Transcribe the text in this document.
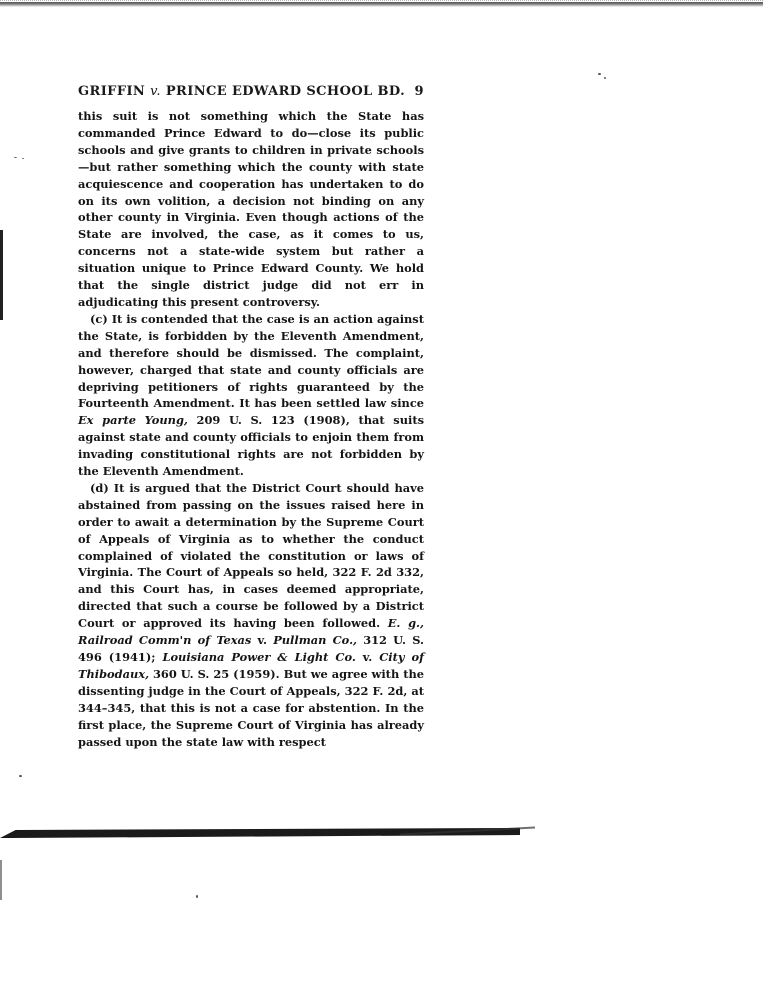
GRIFFIN v. PRINCE EDWARD SCHOOL BD. 9

this suit is not something which the State has commanded Prince Edward to do—close its public schools and give grants to children in private schools—but rather something which the county with state acquiescence and cooperation has undertaken to do on its own volition, a decision not binding on any other county in Virginia. Even though actions of the State are involved, the case, as it comes to us, concerns not a state-wide system but rather a situation unique to Prince Edward County. We hold that the single district judge did not err in adjudicating this present controversy.

(c) It is contended that the case is an action against the State, is forbidden by the Eleventh Amendment, and therefore should be dismissed. The complaint, however, charged that state and county officials are depriving petitioners of rights guaranteed by the Fourteenth Amendment. It has been settled law since Ex parte Young, 209 U. S. 123 (1908), that suits against state and county officials to enjoin them from invading constitutional rights are not forbidden by the Eleventh Amendment.

(d) It is argued that the District Court should have abstained from passing on the issues raised here in order to await a determination by the Supreme Court of Appeals of Virginia as to whether the conduct complained of violated the constitution or laws of Virginia. The Court of Appeals so held, 322 F. 2d 332, and this Court has, in cases deemed appropriate, directed that such a course be followed by a District Court or approved its having been followed. E. g., Railroad Comm'n of Texas v. Pullman Co., 312 U. S. 496 (1941); Louisiana Power & Light Co. v. City of Thibodaux, 360 U. S. 25 (1959). But we agree with the dissenting judge in the Court of Appeals, 322 F. 2d, at 344–345, that this is not a case for abstention. In the first place, the Supreme Court of Virginia has already passed upon the state law with respect
